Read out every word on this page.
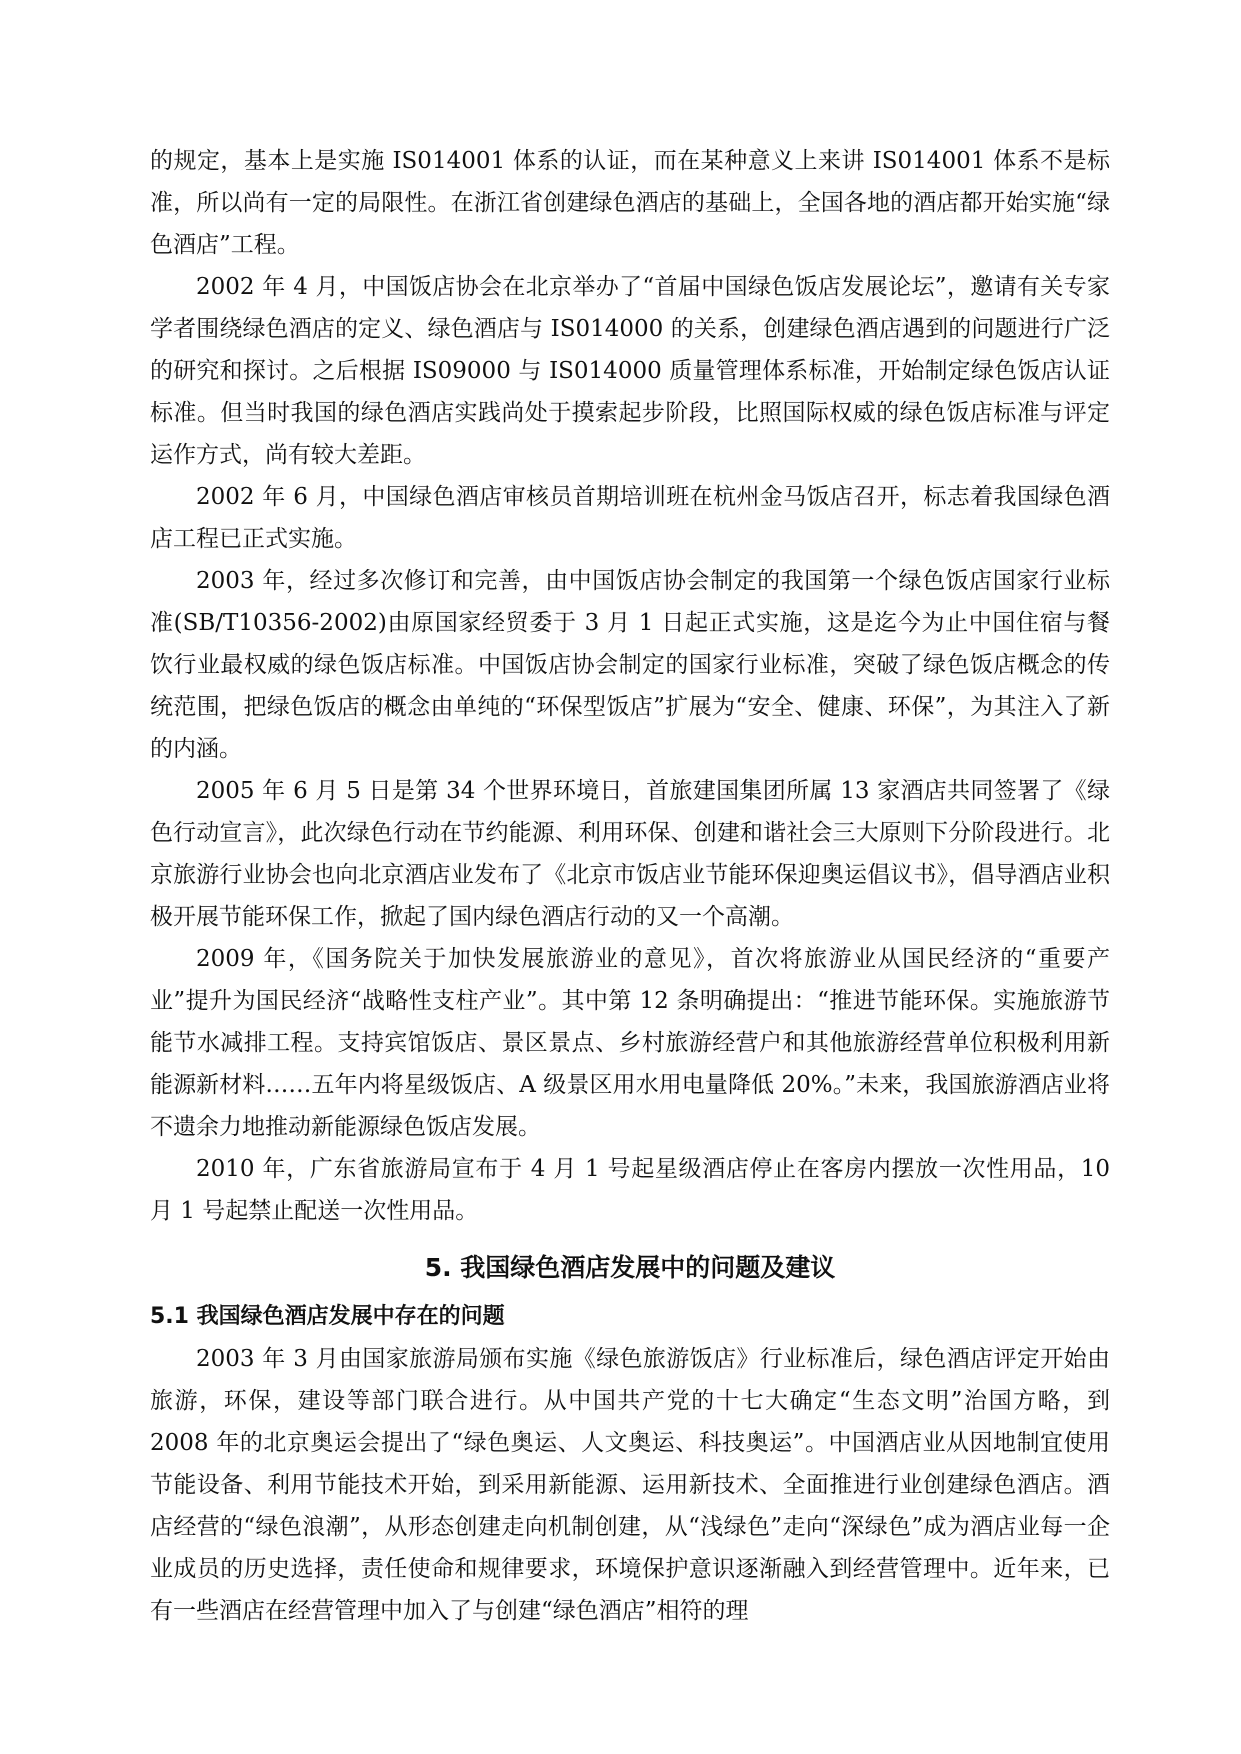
的规定，基本上是实施 IS014001 体系的认证，而在某种意义上来讲 IS014001 体系不是标准，所以尚有一定的局限性。在浙江省创建绿色酒店的基础上，全国各地的酒店都开始实施“绿色酒店”工程。

2002 年 4 月，中国饭店协会在北京举办了“首届中国绿色饭店发展论坛”，邀请有关专家学者围绕绿色酒店的定义、绿色酒店与 IS014000 的关系，创建绿色酒店遇到的问题进行广泛的研究和探讨。之后根据 IS09000 与 IS014000 质量管理体系标准，开始制定绿色饭店认证标准。但当时我国的绿色酒店实践尚处于摸索起步阶段，比照国际权威的绿色饭店标准与评定运作方式，尚有较大差距。

2002 年 6 月，中国绿色酒店审核员首期培训班在杭州金马饭店召开，标志着我国绿色酒店工程已正式实施。

2003 年，经过多次修订和完善，由中国饭店协会制定的我国第一个绿色饭店国家行业标准(SB/T10356-2002)由原国家经贸委于 3 月 1 日起正式实施，这是迄今为止中国住宿与餐饮行业最权威的绿色饭店标准。中国饭店协会制定的国家行业标准，突破了绿色饭店概念的传统范围，把绿色饭店的概念由单纯的“环保型饭店”扩展为“安全、健康、环保”，为其注入了新的内涵。

2005 年 6 月 5 日是第 34 个世界环境日，首旅建国集团所属 13 家酒店共同签署了《绿色行动宣言》，此次绿色行动在节约能源、利用环保、创建和谐社会三大原则下分阶段进行。北京旅游行业协会也向北京酒店业发布了《北京市饭店业节能环保迎奥运倡议书》，倡导酒店业积极开展节能环保工作，掀起了国内绿色酒店行动的又一个高潮。

2009 年，《国务院关于加快发展旅游业的意见》，首次将旅游业从国民经济的“重要产业”提升为国民经济“战略性支柱产业”。其中第 12 条明确提出：“推进节能环保。实施旅游节能节水减排工程。支持宾馆饭店、景区景点、乡村旅游经营户和其他旅游经营单位积极利用新能源新材料……五年内将星级饭店、A 级景区用水用电量降低 20%。”未来，我国旅游酒店业将不遗余力地推动新能源绿色饭店发展。

2010 年，广东省旅游局宣布于 4 月 1 号起星级酒店停止在客房内摆放一次性用品，10 月 1 号起禁止配送一次性用品。

5. 我国绿色酒店发展中的问题及建议
5.1 我国绿色酒店发展中存在的问题

2003 年 3 月由国家旅游局颁布实施《绿色旅游饭店》行业标准后，绿色酒店评定开始由旅游，环保，建设等部门联合进行。从中国共产党的十七大确定“生态文明”治国方略，到 2008 年的北京奥运会提出了“绿色奥运、人文奥运、科技奥运”。中国酒店业从因地制宜使用节能设备、利用节能技术开始，到采用新能源、运用新技术、全面推进行业创建绿色酒店。酒店经营的“绿色浪潮”，从形态创建走向机制创建，从“浅绿色”走向“深绿色”成为酒店业每一企业成员的历史选择，责任使命和规律要求，环境保护意识逐渐融入到经营管理中。近年来，已有一些酒店在经营管理中加入了与创建“绿色酒店”相符的理
